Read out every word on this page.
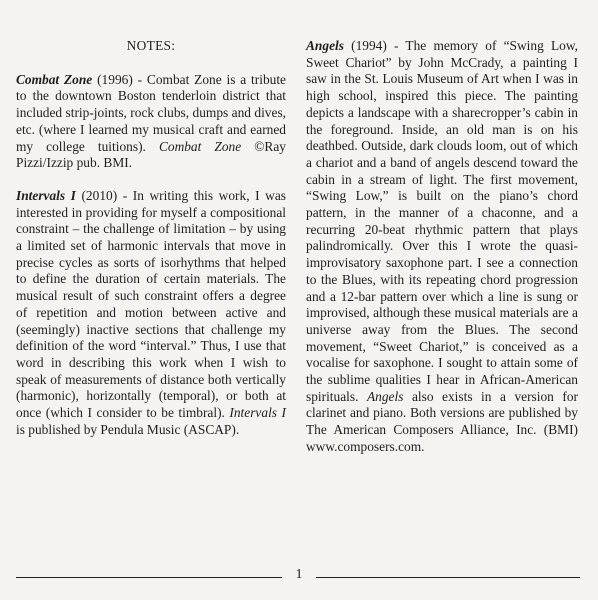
NOTES:

Combat Zone (1996) - Combat Zone is a tribute to the downtown Boston tenderloin district that included strip-joints, rock clubs, dumps and dives, etc. (where I learned my musical craft and earned my college tuitions). Combat Zone ©Ray Pizzi/Izzip pub. BMI.

Intervals I (2010) - In writing this work, I was interested in providing for myself a compositional constraint – the challenge of limitation – by using a limited set of harmonic intervals that move in precise cycles as sorts of isorhythms that helped to define the duration of certain materials. The musical result of such constraint offers a degree of repetition and motion between active and (seemingly) inactive sections that challenge my definition of the word “interval.” Thus, I use that word in describing this work when I wish to speak of measurements of distance both vertically (harmonic), horizontally (temporal), or both at once (which I consider to be timbral). Intervals I is published by Pendula Music (ASCAP).

Angels (1994) - The memory of “Swing Low, Sweet Chariot” by John McCrady, a painting I saw in the St. Louis Museum of Art when I was in high school, inspired this piece. The painting depicts a landscape with a sharecropper’s cabin in the foreground. Inside, an old man is on his deathbed. Outside, dark clouds loom, out of which a chariot and a band of angels descend toward the cabin in a stream of light. The first movement, “Swing Low,” is built on the piano’s chord pattern, in the manner of a chaconne, and a recurring 20-beat rhythmic pattern that plays palindromically. Over this I wrote the quasi-improvisatory saxophone part. I see a connection to the Blues, with its repeating chord progression and a 12-bar pattern over which a line is sung or improvised, although these musical materials are a universe away from the Blues. The second movement, “Sweet Chariot,” is conceived as a vocalise for saxophone. I sought to attain some of the sublime qualities I hear in African-American spirituals. Angels also exists in a version for clarinet and piano. Both versions are published by The American Composers Alliance, Inc. (BMI) www.composers.com.

1
